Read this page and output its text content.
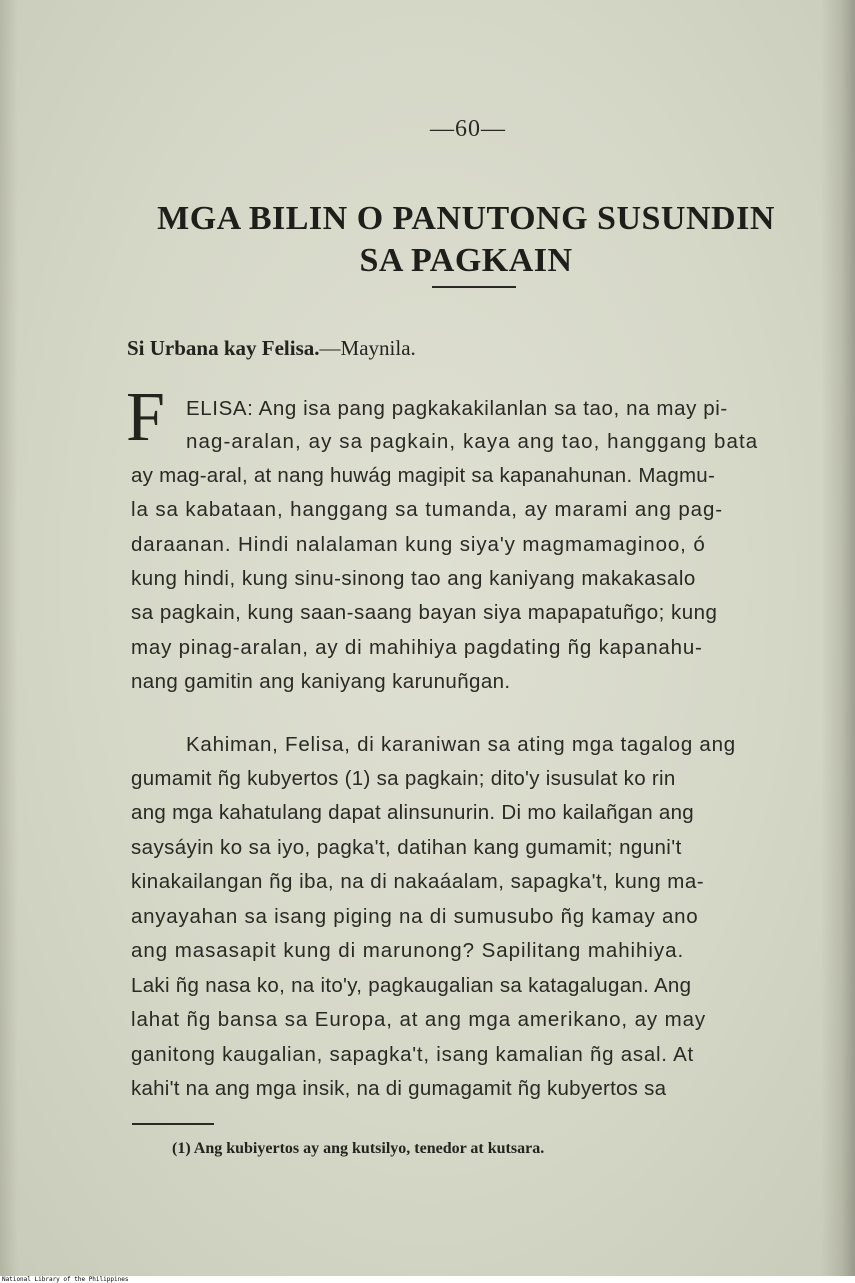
—60—
MGA BILIN O PANUTONG SUSUNDIN
SA PAGKAIN
Si Urbana kay Felisa.—Maynila.
F ELISA: Ang isa pang pagkakakilanlan sa tao, na may pi-
nag-aralan, ay sa pagkain, kaya ang tao, hanggang bata
ay mag-aral, at nang huwág magipit sa kapanahunan. Magmu-
la sa kabataan, hanggang sa tumanda, ay marami ang pag-
daraanan. Hindi nalalaman kung siya'y magmamaginoo, ó
kung hindi, kung sinu-sinong tao ang kaniyang makakasalo
sa pagkain, kung saan-saang bayan siya mapapatuñgo; kung
may pinag-aralan, ay di mahihiya pagdating ñg kapanahu-
nang gamitin ang kaniyang karunuñgan.
Kahiman, Felisa, di karaniwan sa ating mga tagalog ang
gumamit ñg kubyertos (1) sa pagkain; dito'y isusulat ko rin
ang mga kahatulang dapat alinsunurin. Di mo kailañgan ang
saysáyin ko sa iyo, pagka't, datihan kang gumamit; nguni't
kinakailangan ñg iba, na di nakaáalam, sapagka't, kung ma-
anyayahan sa isang piging na di sumusubo ñg kamay ano
ang masasapit kung di marunong? Sapilitang mahihiya.
Laki ñg nasa ko, na ito'y, pagkaugalian sa katagalugan. Ang
lahat ñg bansa sa Europa, at ang mga amerikano, ay may
ganitong kaugalian, sapagka't, isang kamalian ñg asal. At
kahi't na ang mga insik, na di gumagamit ñg kubyertos sa
(1) Ang kubiyertos ay ang kutsilyo, tenedor at kutsara.
National Library of the Philippines
